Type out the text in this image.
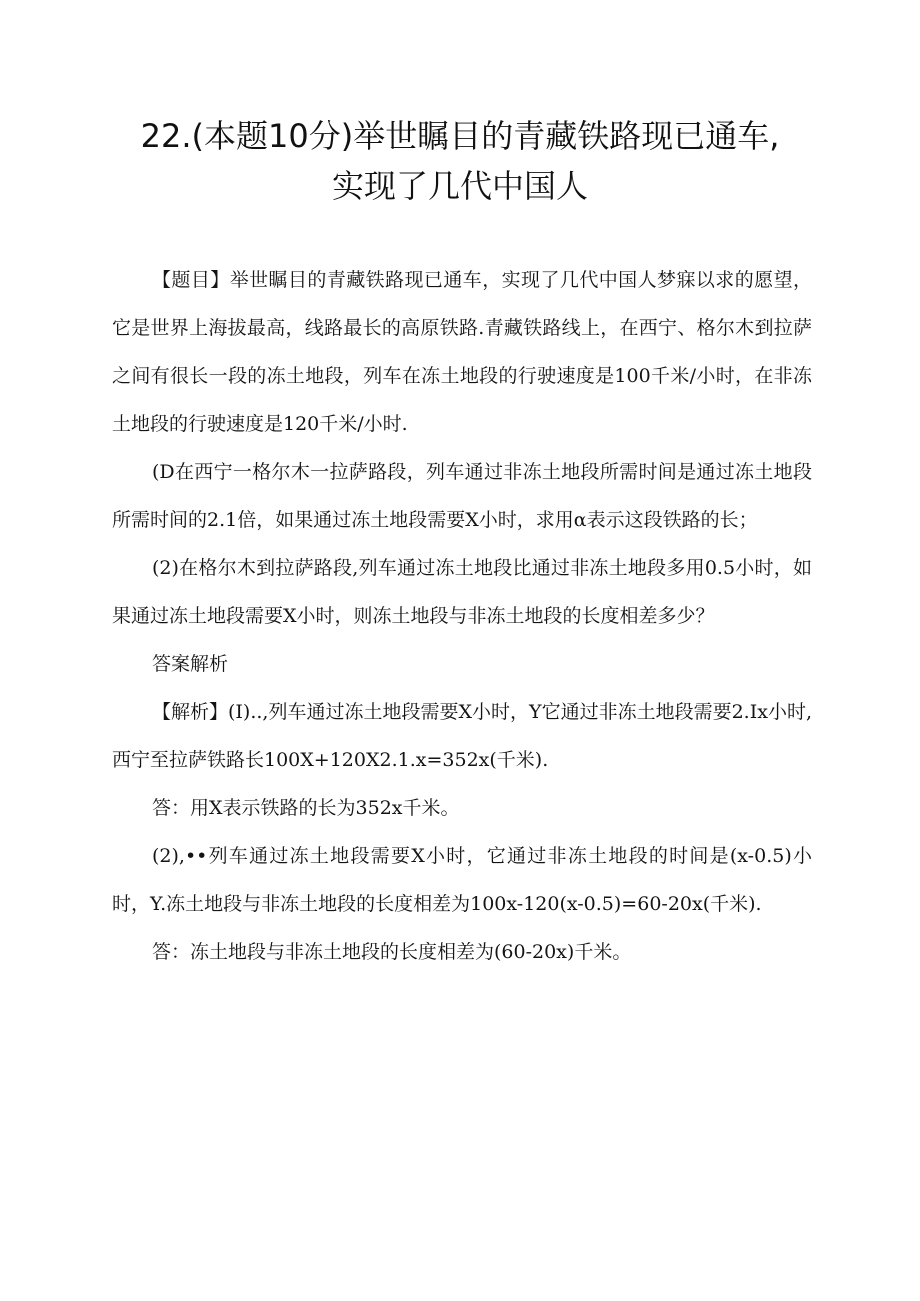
22.(本题10分)举世瞩目的青藏铁路现已通车,
实现了几代中国人

【题目】举世瞩目的青藏铁路现已通车，实现了几代中国人梦寐以求的愿望，它是世界上海拔最高，线路最长的高原铁路.青藏铁路线上，在西宁、格尔木到拉萨之间有很长一段的冻土地段，列车在冻土地段的行驶速度是100千米/小时，在非冻土地段的行驶速度是120千米/小时.

(D在西宁一格尔木一拉萨路段，列车通过非冻土地段所需时间是通过冻土地段所需时间的2.1倍，如果通过冻土地段需要X小时，求用α表示这段铁路的长；

(2)在格尔木到拉萨路段,列车通过冻土地段比通过非冻土地段多用0.5小时，如果通过冻土地段需要X小时，则冻土地段与非冻土地段的长度相差多少？

答案解析

【解析】(I)..,列车通过冻土地段需要X小时，Y它通过非冻土地段需要2.Ix小时,西宁至拉萨铁路长100X+120X2.1.x=352x(千米).

答：用X表示铁路的长为352x千米。

(2),••列车通过冻土地段需要X小时，它通过非冻土地段的时间是(x-0.5)小时，Y.冻土地段与非冻土地段的长度相差为100x-120(x-0.5)=60-20x(千米).

答：冻土地段与非冻土地段的长度相差为(60-20x)千米。
